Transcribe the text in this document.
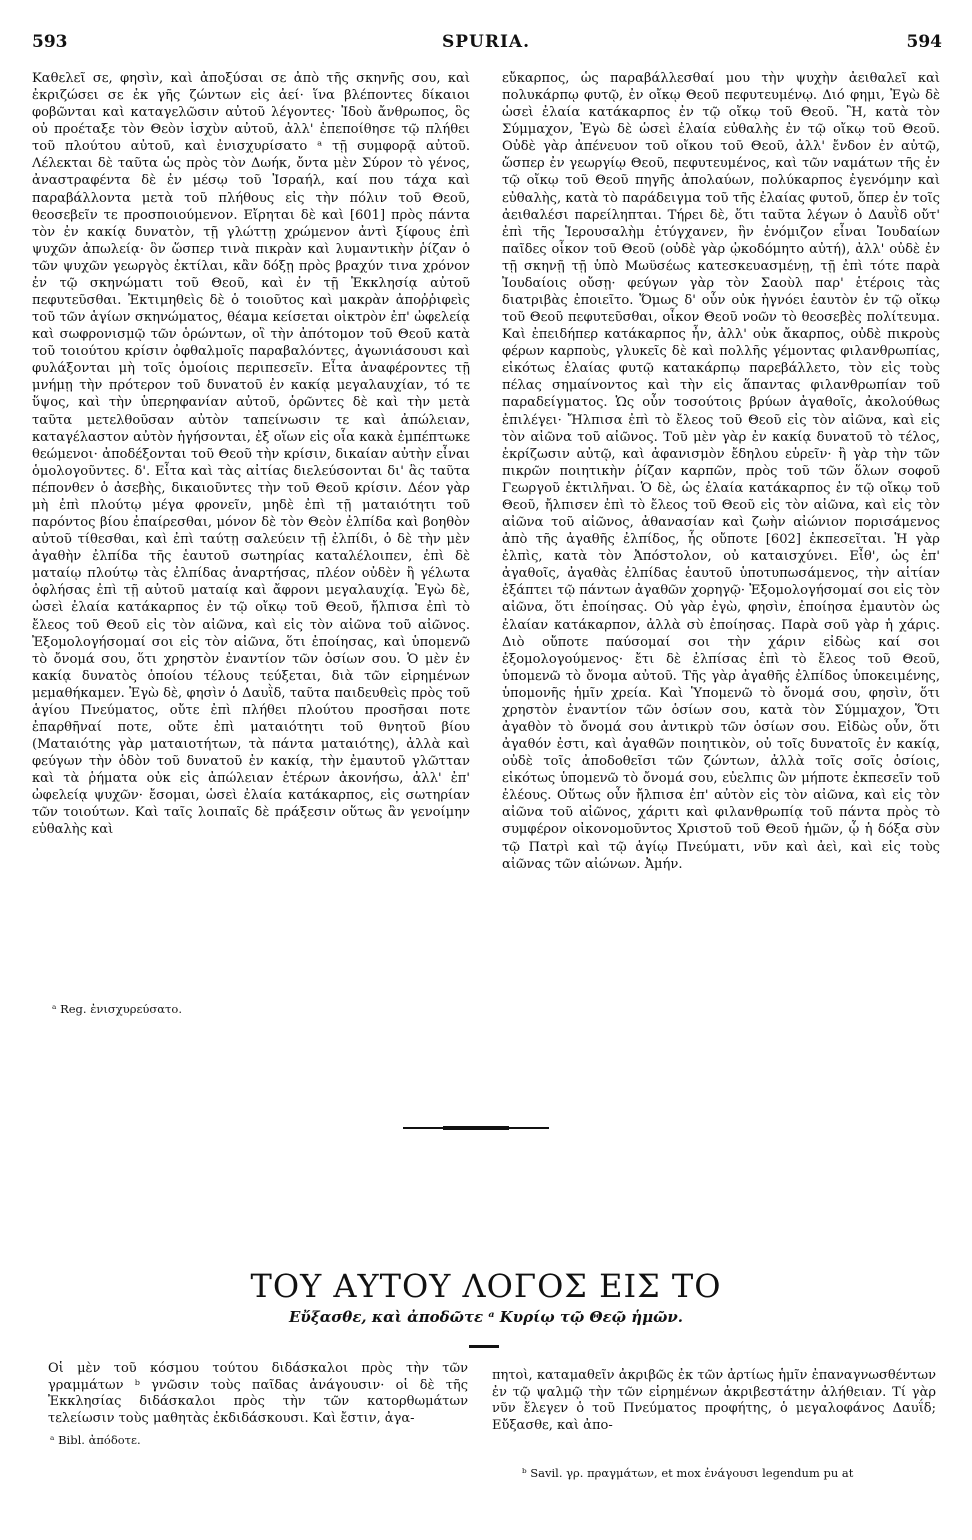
593	SPURIA.	594

Καθελεῖ σε, φησὶν, καὶ ἀποξύσαι σε ἀπὸ τῆς σκηνῆς σου, καὶ ἐκριζώσει σε ἐκ γῆς ζώντων εἰς ἀεί· ἵνα βλέποντες δίκαιοι φοβῶνται καὶ καταγελῶσιν αὐτοῦ λέγοντες· Ἰδοὺ ἄνθρωπος, ὃς οὐ προέταξε τὸν Θεὸν ἰσχὺν αὐτοῦ, ἀλλ' ἐπεποίθησε τῷ πλήθει τοῦ πλούτου αὐτοῦ, καὶ ἐνισχυρίσατο ᵃ τῇ συμφορᾷ αὐτοῦ. Λέλεκται δὲ ταῦτα ὡς πρὸς τὸν Δωήκ, ὄντα μὲν Σύρον τὸ γένος, ἀναστραφέντα δὲ ἐν μέσῳ τοῦ Ἰσραήλ, καί που τάχα καὶ παραβάλλοντα μετὰ τοῦ πλήθους εἰς τὴν πόλιν τοῦ Θεοῦ, θεοσεβεῖν τε προσποιούμενον. Εἴρηται δὲ καὶ [601] πρὸς πάντα τὸν ἐν κακίᾳ δυνατὸν, τῇ γλώττῃ χρώμενον ἀντὶ ξίφους ἐπὶ ψυχῶν ἀπωλείᾳ· ὃν ὥσπερ τινὰ πικρὰν καὶ λυμαντικὴν ῥίζαν ὁ τῶν ψυχῶν γεωργὸς ἐκτίλαι, κἂν δόξῃ πρὸς βραχύν τινα χρόνον ἐν τῷ σκηνώματι τοῦ Θεοῦ, καὶ ἐν τῇ Ἐκκλησίᾳ αὐτοῦ πεφυτεῦσθαι. Ἐκτιμηθεὶς δὲ ὁ τοιοῦτος καὶ μακρὰν ἀποῤῥιφεὶς τοῦ τῶν ἁγίων σκηνώματος, θέαμα κείσεται οἰκτρὸν ἐπ' ὠφελείᾳ καὶ σωφρονισμῷ τῶν ὁρώντων, οἳ τὴν ἀπότομον τοῦ Θεοῦ κατὰ τοῦ τοιούτου κρίσιν ὀφθαλμοῖς παραβαλόντες, ἀγωνιάσουσι καὶ φυλάξονται μὴ τοῖς ὁμοίοις περιπεσεῖν. Εἶτα ἀναφέροντες τῇ μνήμῃ τὴν πρότερον τοῦ δυνατοῦ ἐν κακίᾳ μεγαλαυχίαν, τό τε ὕψος, καὶ τὴν ὑπερηφανίαν αὐτοῦ, ὁρῶντες δὲ καὶ τὴν μετὰ ταῦτα μετελθοῦσαν αὐτὸν ταπείνωσιν τε καὶ ἀπώλειαν, καταγέλαστον αὐτὸν ἡγήσονται, ἐξ οἵων εἰς οἷα κακὰ ἐμπέπτωκε θεώμενοι· ἀποδέξονται τοῦ Θεοῦ τὴν κρίσιν, δικαίαν αὐτὴν εἶναι ὁμολογοῦντες. δ'. Εἶτα καὶ τὰς αἰτίας διελεύσονται δι' ἃς ταῦτα πέπονθεν ὁ ἀσεβὴς, δικαιοῦντες τὴν τοῦ Θεοῦ κρίσιν. Δέον γὰρ μὴ ἐπὶ πλούτῳ μέγα φρονεῖν, μηδὲ ἐπὶ τῇ ματαιότητι τοῦ παρόντος βίου ἐπαίρεσθαι, μόνον δὲ τὸν Θεὸν ἐλπίδα καὶ βοηθὸν αὐτοῦ τίθεσθαι, καὶ ἐπὶ ταύτῃ σαλεύειν τῇ ἐλπίδι, ὁ δὲ τὴν μὲν ἀγαθὴν ἐλπίδα τῆς ἑαυτοῦ σωτηρίας καταλέλοιπεν, ἐπὶ δὲ ματαίῳ πλούτῳ τὰς ἐλπίδας ἀναρτήσας, πλέον οὐδὲν ἢ γέλωτα ὀφλήσας ἐπὶ τῇ αὐτοῦ ματαίᾳ καὶ ἄφρονι μεγαλαυχίᾳ. Ἐγὼ δὲ, ὡσεὶ ἐλαία κατάκαρπος ἐν τῷ οἴκῳ τοῦ Θεοῦ, ἤλπισα ἐπὶ τὸ ἔλεος τοῦ Θεοῦ εἰς τὸν αἰῶνα, καὶ εἰς τὸν αἰῶνα τοῦ αἰῶνος. Ἐξομολογήσομαί σοι εἰς τὸν αἰῶνα, ὅτι ἐποίησας, καὶ ὑπομενῶ τὸ ὄνομά σου, ὅτι χρηστὸν ἐναντίον τῶν ὁσίων σου. Ὁ μὲν ἐν κακίᾳ δυνατὸς ὁποίου τέλους τεύξεται, διὰ τῶν εἰρημένων μεμαθήκαμεν. Ἐγὼ δὲ, φησὶν ὁ Δαυῒδ, ταῦτα παιδευθεὶς πρὸς τοῦ ἁγίου Πνεύματος, οὔτε ἐπὶ πλήθει πλούτου προσῆσαι ποτε ἐπαρθῆναί ποτε, οὔτε ἐπὶ ματαιότητι τοῦ θνητοῦ βίου (Ματαιότης γὰρ ματαιοτήτων, τὰ πάντα ματαιότης), ἀλλὰ καὶ φεύγων τὴν ὁδὸν τοῦ δυνατοῦ ἐν κακίᾳ, τὴν ἐμαυτοῦ γλῶτταν καὶ τὰ ῥήματα οὐκ εἰς ἀπώλειαν ἑτέρων ἀκονήσω, ἀλλ' ἐπ' ὠφελείᾳ ψυχῶν· ἔσομαι, ὡσεὶ ἐλαία κατάκαρπος, εἰς σωτηρίαν τῶν τοιούτων. Καὶ ταῖς λοιπαῖς δὲ πράξεσιν οὕτως ἂν γενοίμην εὐθαλὴς καὶ

ᵃ Reg. ἐνισχυρεύσατο.

εὔκαρπος, ὡς παραβάλλεσθαί μου τὴν ψυχὴν ἀειθαλεῖ καὶ πολυκάρπῳ φυτῷ, ἐν οἴκῳ Θεοῦ πεφυτευμένῳ. Διό φημι, Ἐγὼ δὲ ὡσεὶ ἐλαία κατάκαρπος ἐν τῷ οἴκῳ τοῦ Θεοῦ. Ἢ, κατὰ τὸν Σύμμαχον, Ἐγὼ δὲ ὡσεὶ ἐλαία εὐθαλὴς ἐν τῷ οἴκῳ τοῦ Θεοῦ. Οὐδὲ γὰρ ἀπένευον τοῦ οἴκου τοῦ Θεοῦ, ἀλλ' ἔνδον ἐν αὐτῷ, ὥσπερ ἐν γεωργίῳ Θεοῦ, πεφυτευμένος, καὶ τῶν ναμάτων τῆς ἐν τῷ οἴκῳ τοῦ Θεοῦ πηγῆς ἀπολαύων, πολύκαρπος ἐγενόμην καὶ εὐθαλὴς, κατὰ τὸ παράδειγμα τοῦ τῆς ἐλαίας φυτοῦ, ὅπερ ἐν τοῖς ἀειθαλέσι παρείληπται. Τήρει δὲ, ὅτι ταῦτα λέγων ὁ Δαυῒδ οὔτ' ἐπὶ τῆς Ἱερουσαλὴμ ἐτύγχανεν, ἣν ἐνόμιζον εἶναι Ἰουδαίων παῖδες οἶκον τοῦ Θεοῦ (οὐδὲ γὰρ ᾠκοδόμητο αὐτή), ἀλλ' οὐδὲ ἐν τῇ σκηνῇ τῇ ὑπὸ Μωϋσέως κατεσκευασμένῃ, τῇ ἐπὶ τότε παρὰ Ἰουδαίοις οὔσῃ· φεύγων γὰρ τὸν Σαοὺλ παρ' ἑτέροις τὰς διατριβὰς ἐποιεῖτο. Ὅμως δ' οὖν οὐκ ἠγνόει ἑαυτὸν ἐν τῷ οἴκῳ τοῦ Θεοῦ πεφυτεῦσθαι, οἶκον Θεοῦ νοῶν τὸ θεοσεβὲς πολίτευμα. Καὶ ἐπειδήπερ κατάκαρπος ἦν, ἀλλ' οὐκ ἄκαρπος, οὐδὲ πικροὺς φέρων καρποὺς, γλυκεῖς δὲ καὶ πολλῆς γέμοντας φιλανθρωπίας, εἰκότως ἐλαίας φυτῷ κατακάρπῳ παρεβάλλετο, τὸν εἰς τοὺς πέλας σημαίνοντος καὶ τὴν εἰς ἅπαντας φιλανθρωπίαν τοῦ παραδείγματος. Ὡς οὖν τοσούτοις βρύων ἀγαθοῖς, ἀκολούθως ἐπιλέγει· Ἤλπισα ἐπὶ τὸ ἔλεος τοῦ Θεοῦ εἰς τὸν αἰῶνα, καὶ εἰς τὸν αἰῶνα τοῦ αἰῶνος. Τοῦ μὲν γὰρ ἐν κακίᾳ δυνατοῦ τὸ τέλος, ἐκρίζωσιν αὐτῷ, καὶ ἀφανισμὸν ἔδηλου εὑρεῖν· ἢ γὰρ τὴν τῶν πικρῶν ποιητικὴν ῥίζαν καρπῶν, πρὸς τοῦ τῶν ὅλων σοφοῦ Γεωργοῦ ἐκτιλῆναι. Ὁ δὲ, ὡς ἐλαία κατάκαρπος ἐν τῷ οἴκῳ τοῦ Θεοῦ, ἤλπισεν ἐπὶ τὸ ἔλεος τοῦ Θεοῦ εἰς τὸν αἰῶνα, καὶ εἰς τὸν αἰῶνα τοῦ αἰῶνος, ἀθανασίαν καὶ ζωὴν αἰώνιον πορισάμενος ἀπὸ τῆς ἀγαθῆς ἐλπίδος, ἧς οὔποτε [602] ἐκπεσεῖται. Ἡ γὰρ ἐλπὶς, κατὰ τὸν Ἀπόστολον, οὐ καταισχύνει. Εἶθ', ὡς ἐπ' ἀγαθοῖς, ἀγαθὰς ἐλπίδας ἑαυτοῦ ὑποτυπωσάμενος, τὴν αἰτίαν ἐξάπτει τῷ πάντων ἀγαθῶν χορηγῷ· Ἐξομολογήσομαί σοι εἰς τὸν αἰῶνα, ὅτι ἐποίησας. Οὐ γὰρ ἐγὼ, φησὶν, ἐποίησα ἐμαυτὸν ὡς ἐλαίαν κατάκαρπον, ἀλλὰ σὺ ἐποίησας. Παρὰ σοῦ γὰρ ἡ χάρις. Διὸ οὔποτε παύσομαί σοι τὴν χάριν εἰδὼς καί σοι ἐξομολογούμενος· ἔτι δὲ ἐλπίσας ἐπὶ τὸ ἔλεος τοῦ Θεοῦ, ὑπομενῶ τὸ ὄνομα αὐτοῦ. Τῆς γὰρ ἀγαθῆς ἐλπίδος ὑποκειμένης, ὑπομονῆς ἡμῖν χρεία. Καὶ Ὑπομενῶ τὸ ὄνομά σου, φησὶν, ὅτι χρηστὸν ἐναντίον τῶν ὁσίων σου, κατὰ τὸν Σύμμαχον, Ὅτι ἀγαθὸν τὸ ὄνομά σου ἀντικρὺ τῶν ὁσίων σου. Εἰδὼς οὖν, ὅτι ἀγαθόν ἐστι, καὶ ἀγαθῶν ποιητικὸν, οὐ τοῖς δυνατοῖς ἐν κακίᾳ, οὐδὲ τοῖς ἀποδοθεῖσι τῶν ζώντων, ἀλλὰ τοῖς σοῖς ὁσίοις, εἰκότως ὑπομενῶ τὸ ὄνομά σου, εὐελπις ὢν μήποτε ἐκπεσεῖν τοῦ ἐλέους. Οὕτως οὖν ἤλπισα ἐπ' αὐτὸν εἰς τὸν αἰῶνα, καὶ εἰς τὸν αἰῶνα τοῦ αἰῶνος, χάριτι καὶ φιλανθρωπίᾳ τοῦ πάντα πρὸς τὸ συμφέρον οἰκονομοῦντος Χριστοῦ τοῦ Θεοῦ ἡμῶν, ᾧ ἡ δόξα σὺν τῷ Πατρὶ καὶ τῷ ἁγίῳ Πνεύματι, νῦν καὶ ἀεὶ, καὶ εἰς τοὺς αἰῶνας τῶν αἰώνων. Ἀμήν.

ΤΟΥ ΑΥΤΟΥ ΛΟΓΟΣ ΕΙΣ ΤΟ
Εὔξασθε, καὶ ἀποδῶτε ᵃ Κυρίῳ τῷ Θεῷ ἡμῶν.

Οἱ μὲν τοῦ κόσμου τούτου διδάσκαλοι πρὸς τὴν τῶν γραμμάτων ᵇ γνῶσιν τοὺς παῖδας ἀνάγουσιν· οἱ δὲ τῆς Ἐκκλησίας διδάσκαλοι πρὸς τὴν τῶν κατορθωμάτων τελείωσιν τοὺς μαθητὰς ἐκδιδάσκουσι. Καὶ ἔστιν, ἀγα-

ᵃ Bibl. ἀπόδοτε.

πητοὶ, καταμαθεῖν ἀκριβῶς ἐκ τῶν ἀρτίως ἡμῖν ἐπαναγνωσθέντων ἐν τῷ ψαλμῷ τὴν τῶν εἰρημένων ἀκριβεστάτην ἀλήθειαν. Τί γὰρ νῦν ἔλεγεν ὁ τοῦ Πνεύματος προφήτης, ὁ μεγαλοφάνος Δαυΐδ; Εὔξασθε, καὶ ἀπο-

ᵇ Savil. γρ. πραγμάτων, et mox ἐνάγουσι legendum pu at
